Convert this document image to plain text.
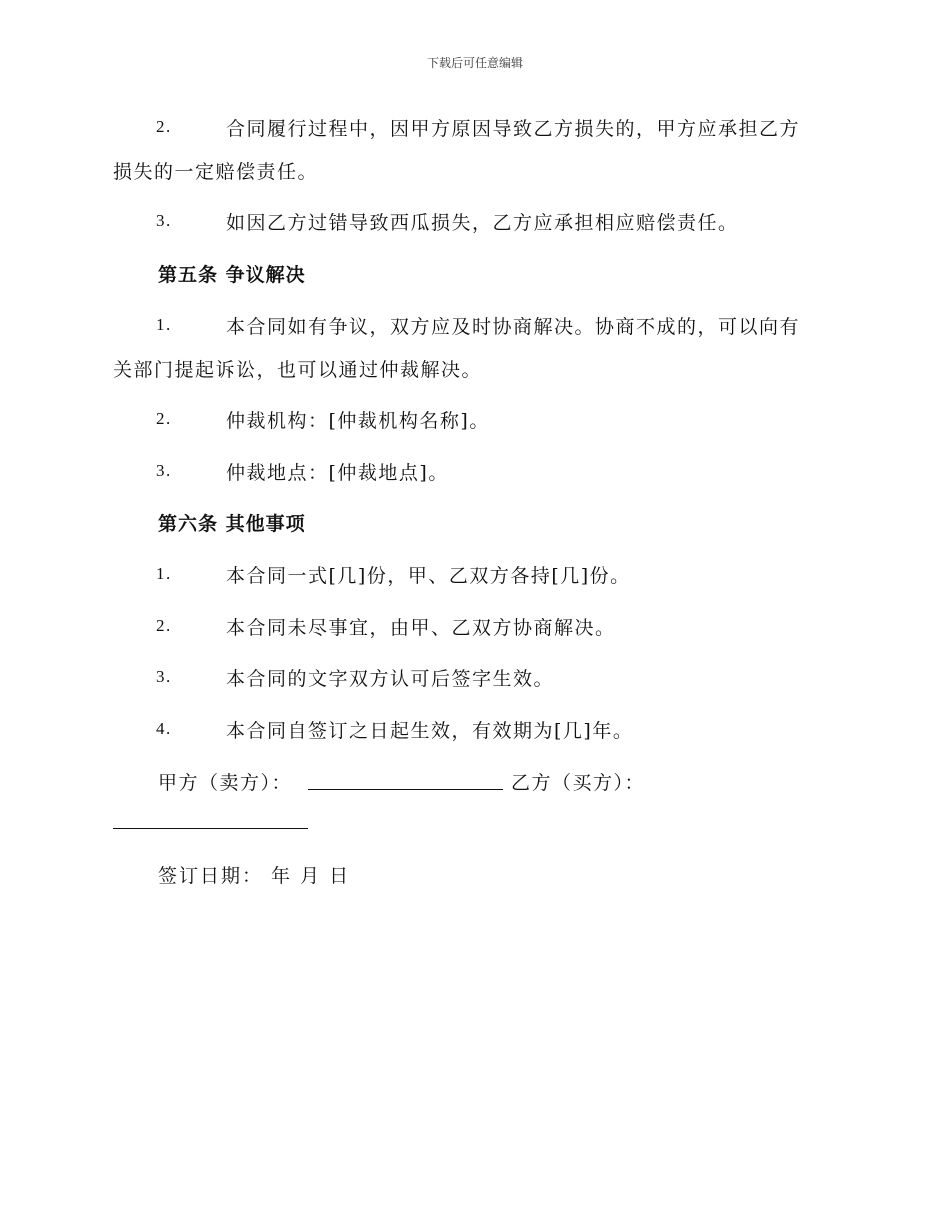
下载后可任意编辑
2.	合同履行过程中，因甲方原因导致乙方损失的，甲方应承担乙方
损失的一定赔偿责任。
3.	如因乙方过错导致西瓜损失，乙方应承担相应赔偿责任。
第五条 争议解决
1.	本合同如有争议，双方应及时协商解决。协商不成的，可以向有
关部门提起诉讼，也可以通过仲裁解决。
2.	仲裁机构：[仲裁机构名称]。
3.	仲裁地点：[仲裁地点]。
第六条 其他事项
1.	本合同一式[几]份，甲、乙双方各持[几]份。
2.	本合同未尽事宜，由甲、乙双方协商解决。
3.	本合同的文字双方认可后签字生效。
4.	本合同自签订之日起生效，有效期为[几]年。
甲方（卖方）：	乙方（买方）：
签订日期： 年 月 日
